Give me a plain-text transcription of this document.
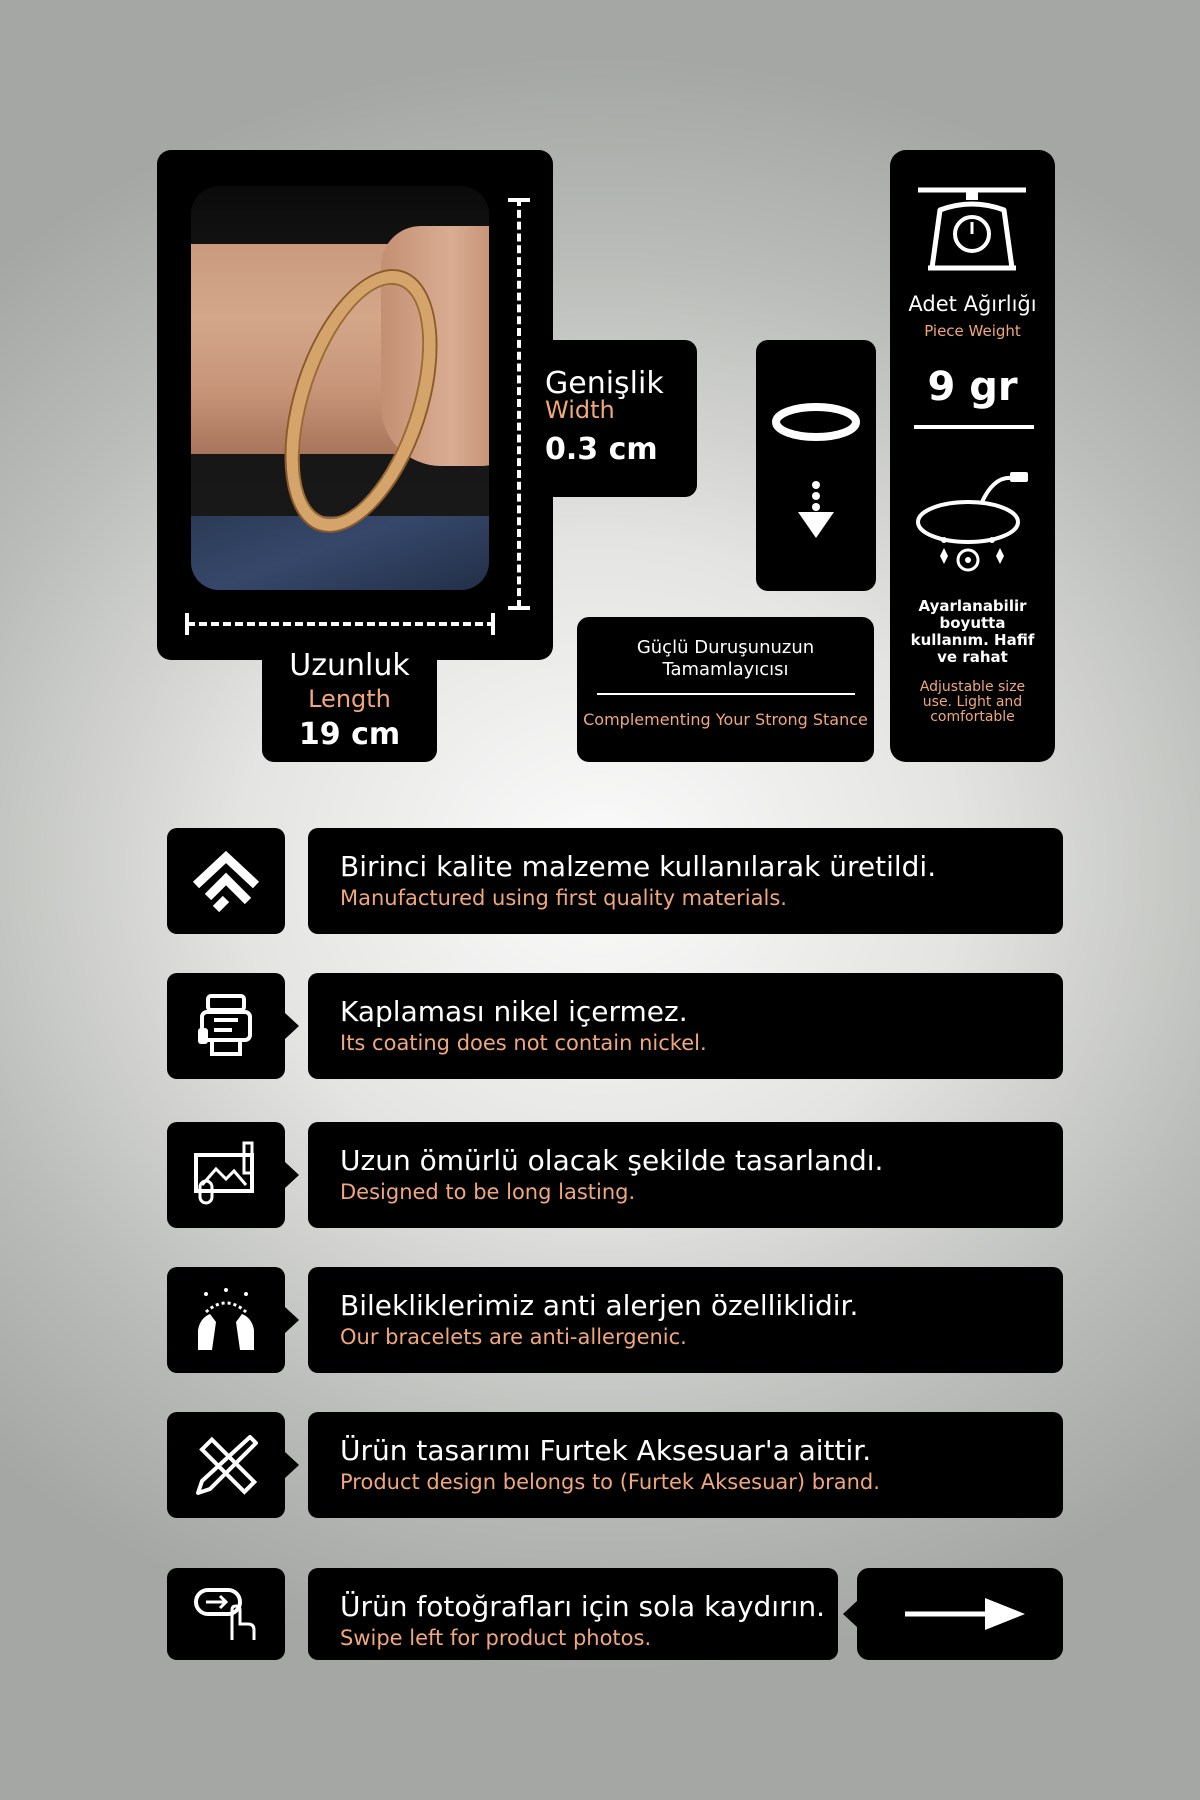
Genişlik
Width
0.3 cm
Uzunluk
Length
19 cm
Güçlü Duruşunuzun Tamamlayıcısı
Complementing Your Strong Stance
Adet Ağırlığı
Piece Weight
9 gr
Ayarlanabilir boyutta kullanım. Hafif ve rahat
Adjustable size use. Light and comfortable
Birinci kalite malzeme kullanılarak üretildi.
Manufactured using first quality materials.
Kaplaması nikel içermez.
Its coating does not contain nickel.
Uzun ömürlü olacak şekilde tasarlandı.
Designed to be long lasting.
Bilekliklerimiz anti alerjen özelliklidir.
Our bracelets are anti-allergenic.
Ürün tasarımı Furtek Aksesuar'a aittir.
Product design belongs to (Furtek Aksesuar) brand.
Ürün fotoğrafları için sola kaydırın.
Swipe left for product photos.
